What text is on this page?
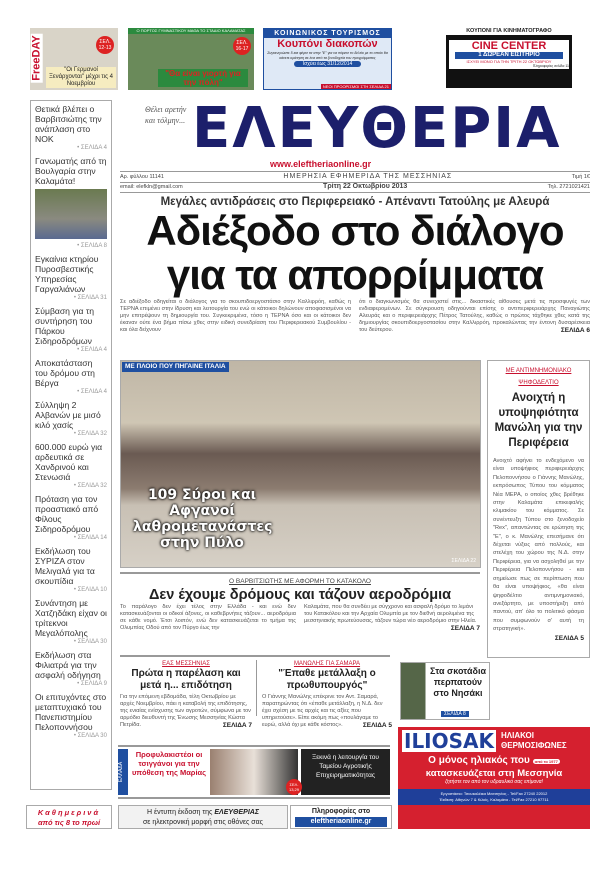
FreeDAY	ΣΕΛ. 12-13
"Οι Γερμανοί Ξενάρχονται" μέχρι τις 4 Νοεμβρίου
Ο ΠΟΡΤΟΣ ΓΥΜΝΑΣΤΙΚΟΥ ΜΑΘΑ ΤΟ ΣΤΑΔΙΟ ΚΑΛΑΜΑΤΑΣ
ΣΕΛ. 16-17
"Θα είναι γιορτή για την πόλη"
ΚΟΙΝΩΝΙΚΟΣ ΤΟΥΡΙΣΜΟΣ
Κουπόνι διακοπών
Συγκεντρώστε 5 και φέρτε τα στην "Ε" για να πάρετε το δελτίο με το οποίο θα κάνετε κράτηση σε ένα από τα ξενοδοχεία του προγράμματος
Ισχύει έως 31/12/2014
ΝΕΟΙ ΠΡΟΟΡΙΣΜΟΙ ΣΤΗ ΣΕΛΙΔΑ 21
ΚΟΥΠΟΝΙ ΓΙΑ ΚΙΝΗΜΑΤΟΓΡΑΦΟ
CINE CENTER
1 ΔΩΡΕΑΝ ΕΙΣΙΤΗΡΙΟ
ΙΣΧΥΕΙ ΜΟΝΟ ΓΙΑ ΤΗΝ ΤΡΙΤΗ 22 ΟΚΤΩΒΡΙΟΥ
Πληροφορίες σελίδα 11
Θετικά βλέπει ο Βαρβιτσιώτης την ανάπλαση στο ΝΟΚ
• ΣΕΛΙΔΑ 4
Γανωματής από τη Βουλγαρία στην Καλαμάτα!
• ΣΕΛΙΔΑ 8
Εγκαίνια κτηρίου Πυροσβεστικής Υπηρεσίας Γαργαλιάνων
• ΣΕΛΙΔΑ 31
Σύμβαση για τη συντήρηση του Πάρκου Σιδηροδρόμων
• ΣΕΛΙΔΑ 4
Αποκατάσταση του δρόμου στη Βέργα
• ΣΕΛΙΔΑ 4
Σύλληψη 2 Αλβανών με μισό κιλό χασίς
• ΣΕΛΙΔΑ 32
600.000 ευρώ για αρδευτικά σε Χανδρινού και Στενωσιά
• ΣΕΛΙΔΑ 32
Πρόταση για τον προαστιακό από Φίλους Σιδηροδρόμου
• ΣΕΛΙΔΑ 14
Εκδήλωση του ΣΥΡΙΖΑ στον Μελιγαλά για τα σκουπίδια
• ΣΕΛΙΔΑ 10
Συνάντηση με Χατζηδάκη είχαν οι τρίτεκνοι Μεγαλόπολης
• ΣΕΛΙΔΑ 30
Εκδήλωση στα Φιλιατρά για την ασφαλή οδήγηση
• ΣΕΛΙΔΑ 9
Οι επιτυχόντες στο μεταπτυχιακό του Πανεπιστημίου Πελοποννήσου
• ΣΕΛΙΔΑ 30
Θέλει αρετήν και τόλμην... ΕΛΕΥΘΕΡΙΑ
www.eleftheriaonline.gr
Αρ. φύλλου 11141	ΗΜΕΡΗΣΙΑ ΕΦΗΜΕΡΙΔΑ ΤΗΣ ΜΕΣΣΗΝΙΑΣ	Τιμή 1€
email: elefkln@gmail.com	Τρίτη 22 Οκτωβρίου 2013	Τηλ. 2721021421
Μεγάλες αντιδράσεις στο Περιφερειακό - Απέναντι Τατούλης με Αλευρά
Αδιέξοδο στο διάλογο για τα απορρίμματα

Σε αδιέξοδο οδηγείται ο διάλογος για το σκουπιδοεργοστάσιο στην Καλλιρρόη, καθώς η ΤΕΡΝΑ επιμένει στην ίδρυση και λειτουργία του ενώ οι κάτοικοι δηλώνουν αποφασισμένοι να μην επιτρέψουν τη δημιουργία του. Συγκεκριμένα, τόσο η ΤΕΡΝΑ όσο και οι κάτοικοι δεν έκαναν ούτε ένα βήμα πίσω χθες στην ειδική συνεδρίαση του Περιφερειακού Συμβουλίου - και όλα δείχνουν

ότι ο διαγκωνισμός θα συνεχιστεί στις... δικαστικές αίθουσες μετά τις προσφυγές των ενδιαφερομένων. Σε σύγκρουση οδηγούνται επίσης ο αντιπεριφερειάρχης Παναγιώτης Αλευράς και ο περιφερειάρχης Πέτρος Τατούλης, καθώς ο πρώτος τάχθηκε χθες κατά της δημιουργίας σκουπιδοεργοστασίου στην Καλλιρρόη, προκαλώντας την έντονη δυσαρέσκεια του δεύτερου.	ΣΕΛΙΔΑ 6
ΜΕ ΠΛΟΙΟ ΠΟΥ ΠΗΓΑΙΝΕ ΙΤΑΛΙΑ
109 Σύροι και Αφγανοί λαθρομετανάστες στην Πύλο
ΣΕΛΙΔΑ 22
ΜΕ ΑΝΤΙΜΝΗΜΟΝΙΑΚΟ ΨΗΦΟΔΕΛΤΙΟ
Ανοιχτή η υποψηφιότητα Μανώλη για την Περιφέρεια

Ανοιχτό αφήνει το ενδεχόμενο να είναι υποψήφιος περιφερειάρχης Πελοποννήσου ο Γιάννης Μανώλης, εκπρόσωπος Τύπου του κόμματος Νέα ΜΕΡΑ, ο οποίος χθες βρέθηκε στην Καλαμάτα επικεφαλής κλιμακίου του κόμματος. Σε συνέντευξη Τύπου στο ξενοδοχείο "Rex", απαντώντας σε ερώτηση της "Ε", ο κ. Μανώλης επεσήμανε ότι δέχεται νύξεις από πολλούς, και στελέχη του χώρου της Ν.Δ. στην Περιφέρεια, για να ασχοληθεί με την Περιφέρεια Πελοποννήσου - και σημείωσε πως σε περίπτωση που θα είναι υποψήφιος, «θα είναι ψηφοδέλτιο αντιμνημονιακό, ανεξάρτητο, με υποστήριξη από παντού, απ' όλο το πολιτικό φάσμα που συμφωνούν σ' αυτή τη στρατηγική».

ΣΕΛΙΔΑ 5
Ο ΒΑΡΒΙΤΣΙΩΤΗΣ ΜΕ ΑΦΟΡΜΗ ΤΟ ΚΑΤΑΚΟΛΟ
Δεν έχουμε δρόμους και τάζουν αεροδρόμια

Το παράλογο δεν έχει τέλος στην Ελλάδα - και ενώ δεν κατασκευάζονται οι οδικοί άξονες, οι καθεβρνήτες τάζουν... αεροδρόμια σε κάθε νομό. Έτσι λοιπόν, ενώ δεν κατασκευάζεται το τμήμα της Ολυμπίας Οδού από τον Πύργο έως την

Καλαμάτα, που θα συνδέει με σύγχρονο και ασφαλή δρόμο το λιμάνι του Κατακόλου και την Αρχαία Ολυμπία με τον διεθνή αερολιμένα της μεσσηνιακής πρωτεύουσας, τάζουν τώρα νέο αεροδρόμιο στην Ηλεία.
ΣΕΛΙΔΑ 7
ΕΑΣ ΜΕΣΣΗΝΙΑΣ
Πρώτα η παρέλαση και μετά η... επιδότηση

Για την επόμενη εβδομάδα, τέλη Οκτωβρίου με αρχές Νοεμβρίου, πάει η καταβολή της επιδότησης, της ενιαίας ενίσχυσης των αγροτών, σύμφωνα με τον αρμόδιο διευθυντή της Ένωσης Μεσσηνίας Κώστα Πετρίδα.	ΣΕΛΙΔΑ 7

ΜΑΝΩΛΗΣ ΓΙΑ ΣΑΜΑΡΑ
"Έπαθε μετάλλαξη ο πρωθυπουργός"

Ο Γιάννης Μανώλης επέκρινε τον Αντ. Σαμαρά, παρατηρώντας ότι «έπαθε μετάλλαξη, η Ν.Δ. δεν έχει σχέση με τις αρχές και τις αξίες που υπηρετούσε». Είπε ακόμη πως «πουλάγαμε το ευρώ, αλλά όχι με κάθε κόστος».	ΣΕΛΙΔΑ 5

Στα σκοτάδια περπατούν στο Νησάκι
ΣΕΛΙΔΑ 8
ΕΛΛΑΔΑ
Προφυλακιστέοι οι τσιγγάνοι για την υπόθεση της Μαρίας
ΣΕΛ. 13,29
Ξεκινά η λειτουργία του Ταμείου Αγροτικής Επιχειρηματικότητας
ILIOSAK ΗΛΙΑΚΟΙ
ΘΕΡΜΟΣΙΦΩΝΕΣ
Ο μόνος ηλιακός που από το 1977
κατασκευάζεται στη Μεσσηνία
ζητήστε τον από τον υδραυλικό σας επίμονα!
Εργοστάσιο: Τσουκαλέικα Μεσσηνίας - Tel/Fax 27240 22012
Έκθεση: Αθηνών 7 & Κιλκίς, Καλαμάτα - Tel/Fax 27210 97711
Καθημερινά
από τις 8 το πρωί
Η έντυπη έκδοση της ΕΛΕΥΘΕΡΙΑΣ
σε ηλεκτρονική μορφή στις οθόνες σας
Πληροφορίες στο
eleftheriaonline.gr
